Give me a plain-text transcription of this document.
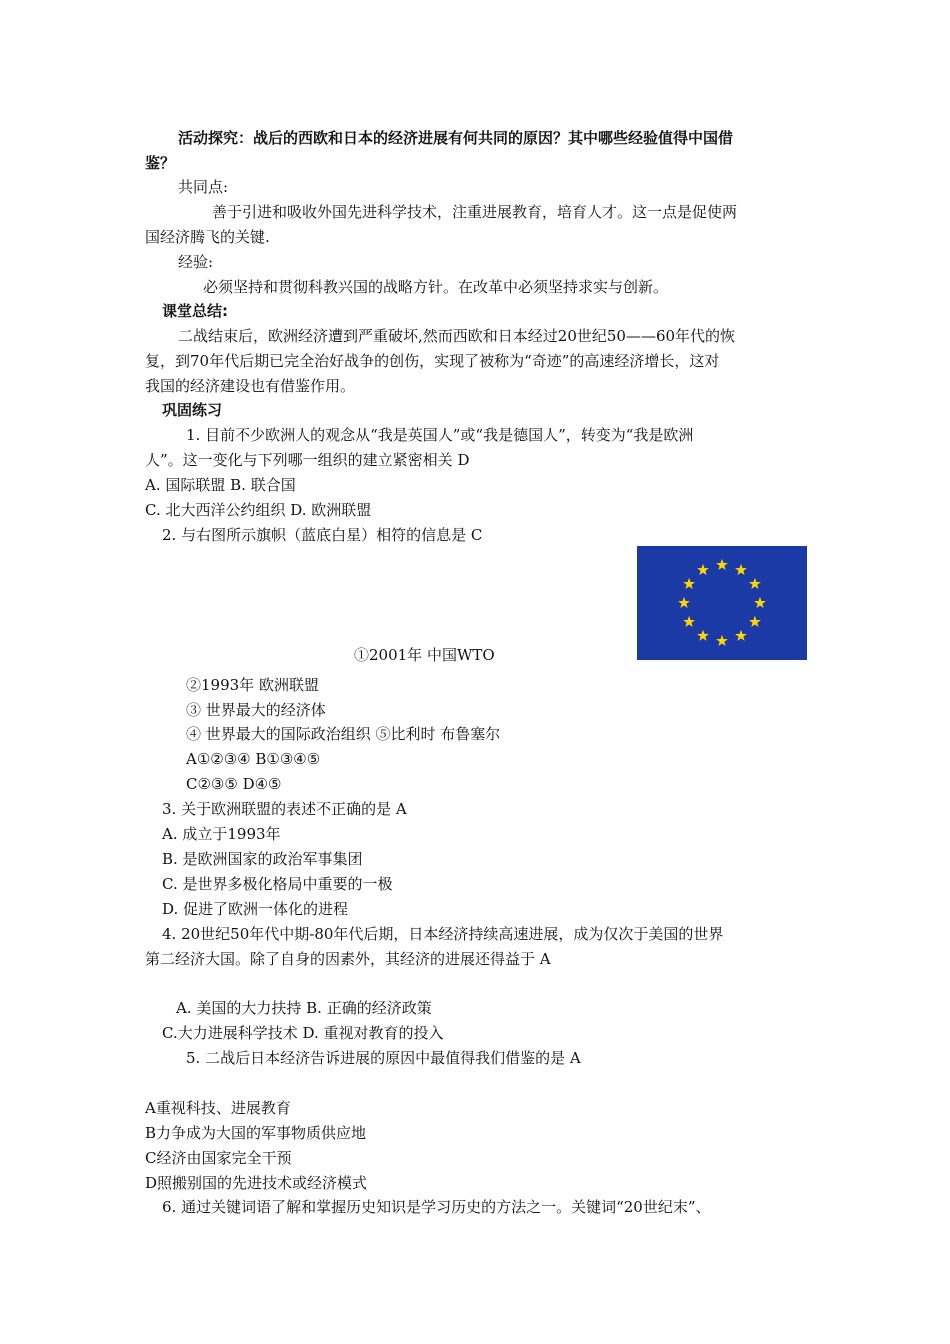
活动探究：战后的西欧和日本的经济进展有何共同的原因？其中哪些经验值得中国借
鉴？
共同点:
善于引进和吸收外国先进科学技术，注重进展教育，培育人才。这一点是促使两
国经济腾飞的关键.
经验:
必须坚持和贯彻科教兴国的战略方针。在改革中必须坚持求实与创新。
课堂总结:
二战结束后，欧洲经济遭到严重破坏,然而西欧和日本经过20世纪50——60年代的恢
复，到70年代后期已完全治好战争的创伤，实现了被称为“奇迹”的高速经济增长，这对
我国的经济建设也有借鉴作用。
巩固练习
1. 目前不少欧洲人的观念从“我是英国人”或“我是德国人”，转变为“我是欧洲
人”。这一变化与下列哪一组织的建立紧密相关 D
A. 国际联盟 B. 联合国
C. 北大西洋公约组织 D. 欧洲联盟
2. 与右图所示旗帜（蓝底白星）相符的信息是 C
①2001年 中国WTO
②1993年 欧洲联盟
③ 世界最大的经济体
④ 世界最大的国际政治组织 ⑤比利时 布鲁塞尔
A①②③④ B①③④⑤
C②③⑤ D④⑤
3. 关于欧洲联盟的表述不正确的是 A
A. 成立于1993年
B. 是欧洲国家的政治军事集团
C. 是世界多极化格局中重要的一极
D. 促进了欧洲一体化的进程
4. 20世纪50年代中期-80年代后期，日本经济持续高速进展，成为仅次于美国的世界
第二经济大国。除了自身的因素外，其经济的进展还得益于 A
A. 美国的大力扶持 B. 正确的经济政策
C.大力进展科学技术 D. 重视对教育的投入
5. 二战后日本经济告诉进展的原因中最值得我们借鉴的是 A
A重视科技、进展教育
B力争成为大国的军事物质供应地
C经济由国家完全干预
D照搬别国的先进技术或经济模式
6. 通过关键词语了解和掌握历史知识是学习历史的方法之一。关键词“20世纪末”、
